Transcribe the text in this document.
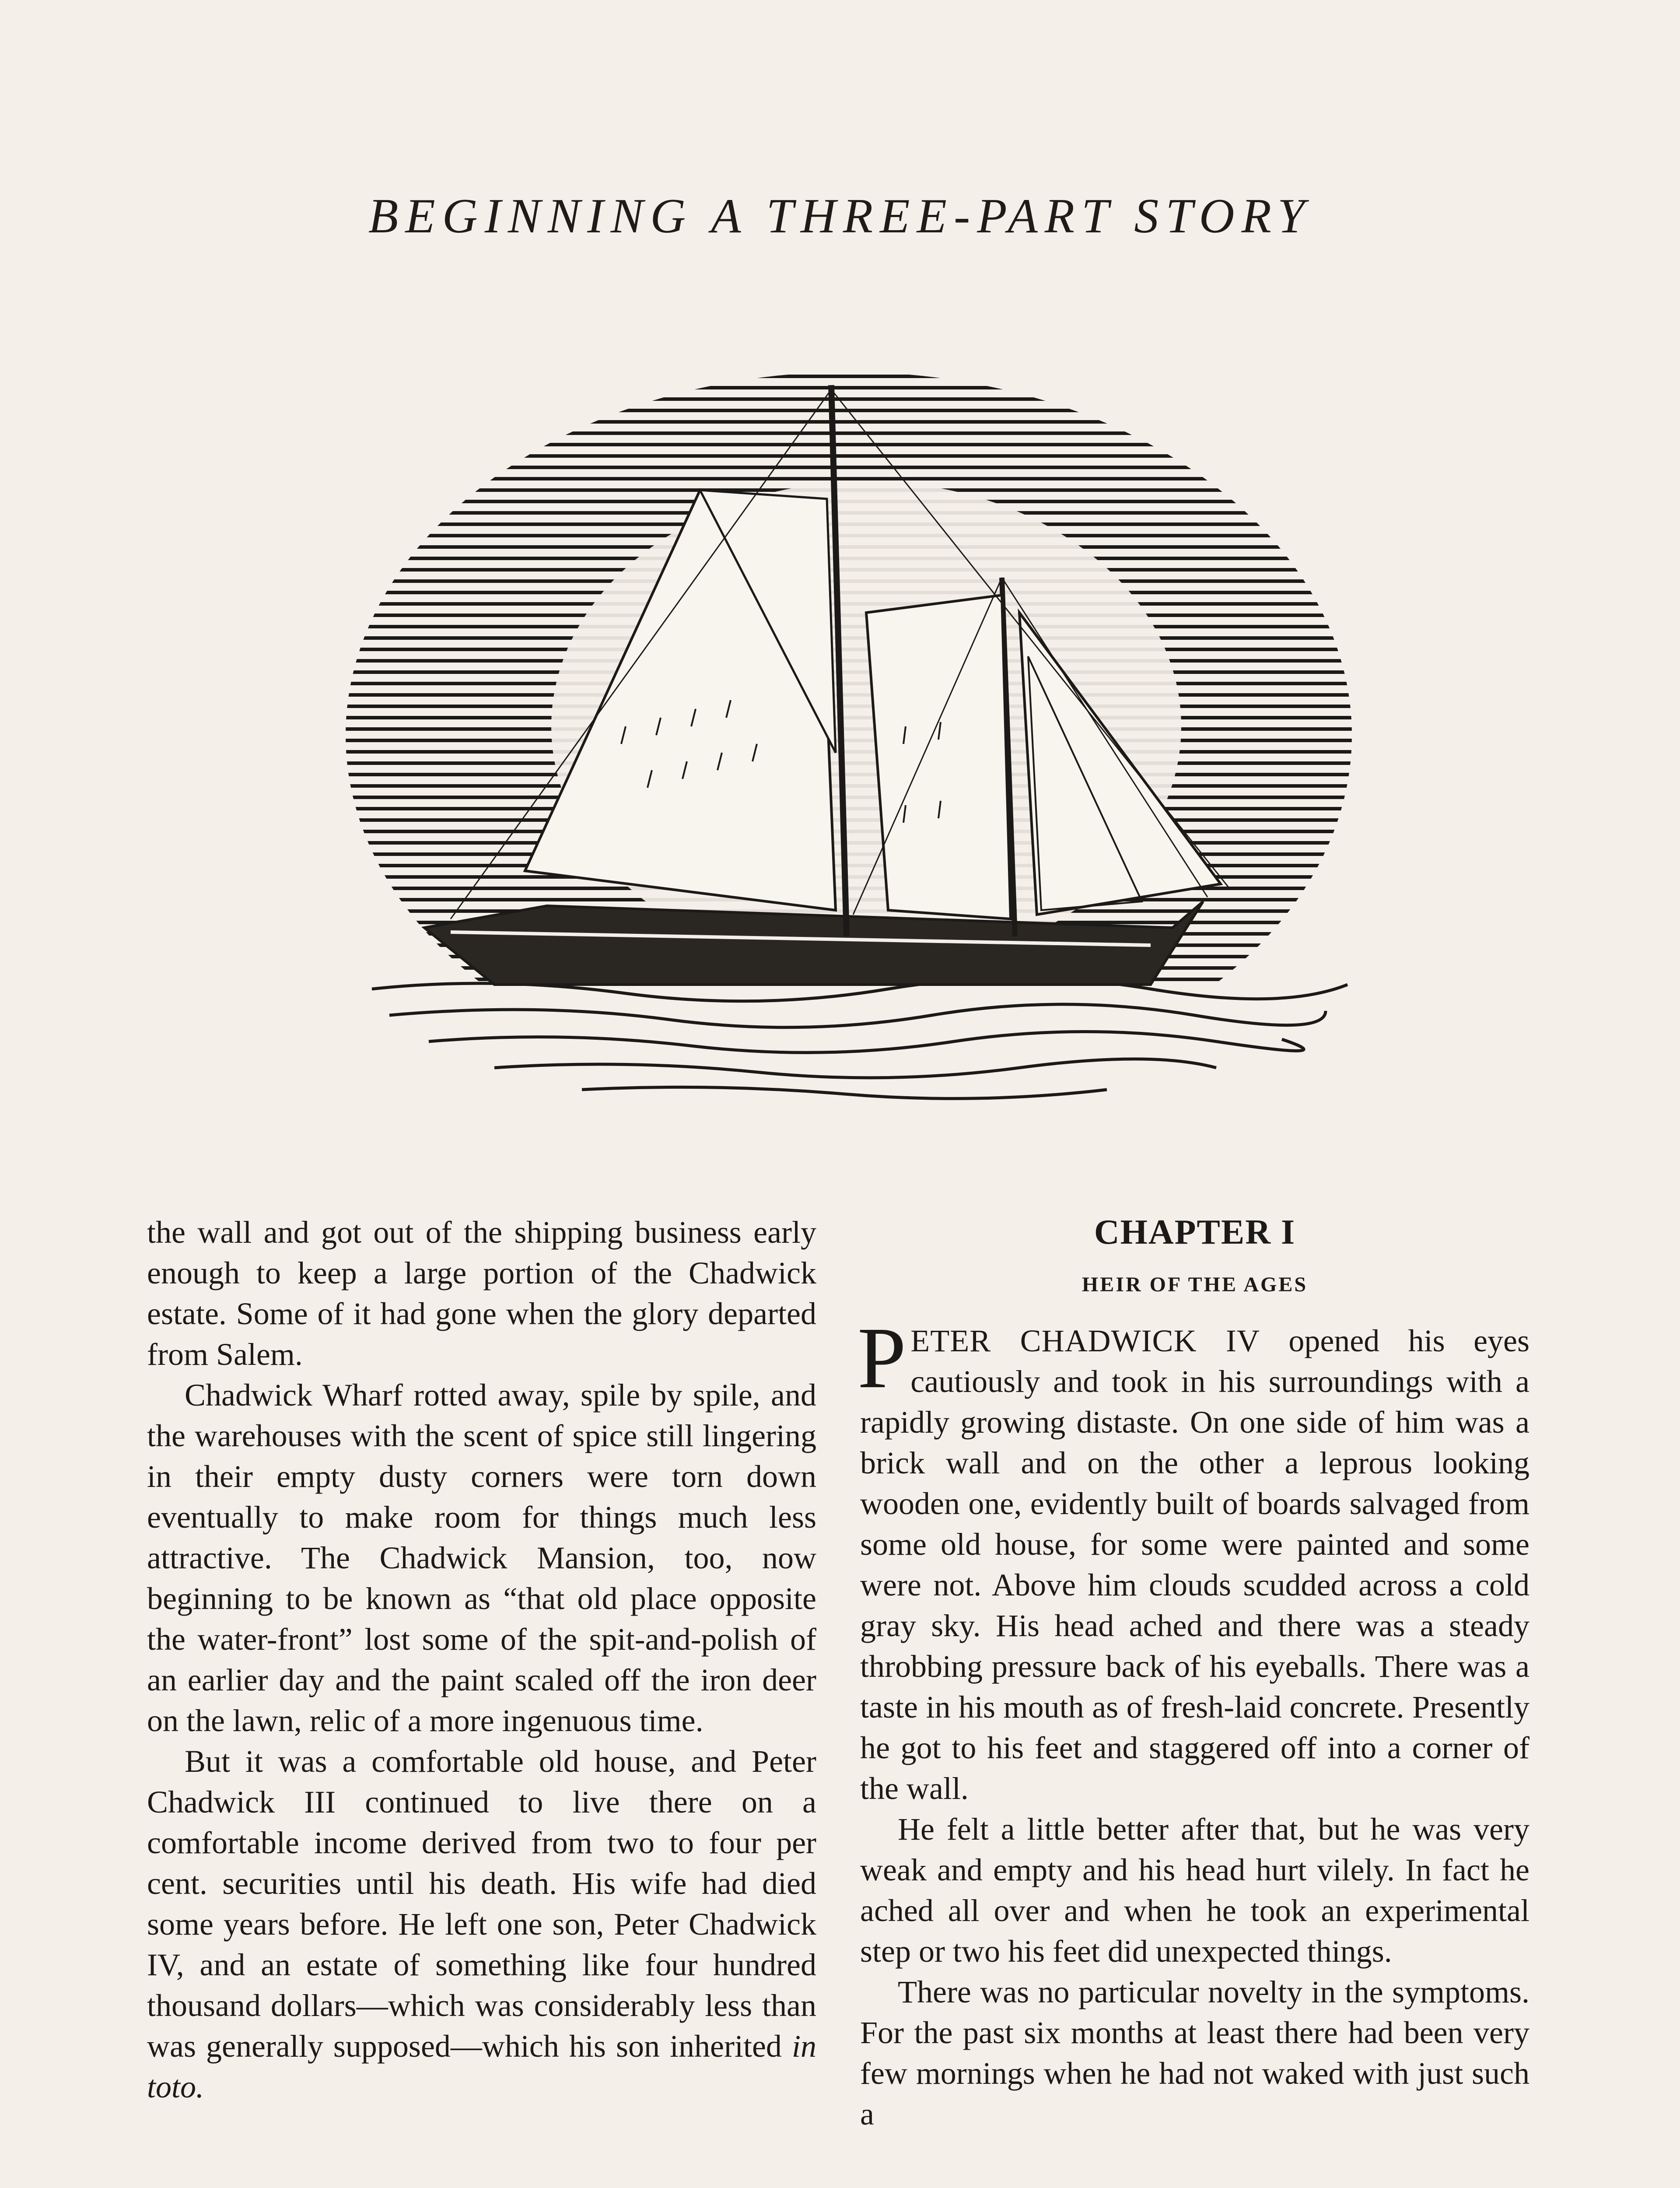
BEGINNING A THREE-PART STORY

the wall and got out of the shipping business early enough to keep a large portion of the Chadwick estate. Some of it had gone when the glory departed from Salem.

Chadwick Wharf rotted away, spile by spile, and the warehouses with the scent of spice still lingering in their empty dusty corners were torn down eventually to make room for things much less attractive. The Chadwick Mansion, too, now beginning to be known as “that old place opposite the water-front” lost some of the spit-and-polish of an earlier day and the paint scaled off the iron deer on the lawn, relic of a more ingenuous time.

But it was a comfortable old house, and Peter Chadwick III continued to live there on a comfortable income derived from two to four per cent. securities until his death. His wife had died some years before. He left one son, Peter Chadwick IV, and an estate of something like four hundred thousand dollars—which was considerably less than was generally supposed—which his son inherited in toto.

CHAPTER I
HEIR OF THE AGES

PETER CHADWICK IV opened his eyes cautiously and took in his surroundings with a rapidly growing distaste. On one side of him was a brick wall and on the other a leprous looking wooden one, evidently built of boards salvaged from some old house, for some were painted and some were not. Above him clouds scudded across a cold gray sky. His head ached and there was a steady throbbing pressure back of his eyeballs. There was a taste in his mouth as of fresh-laid concrete. Presently he got to his feet and staggered off into a corner of the wall.

He felt a little better after that, but he was very weak and empty and his head hurt vilely. In fact he ached all over and when he took an experimental step or two his feet did unexpected things.

There was no particular novelty in the symptoms. For the past six months at least there had been very few mornings when he had not waked with just such a
